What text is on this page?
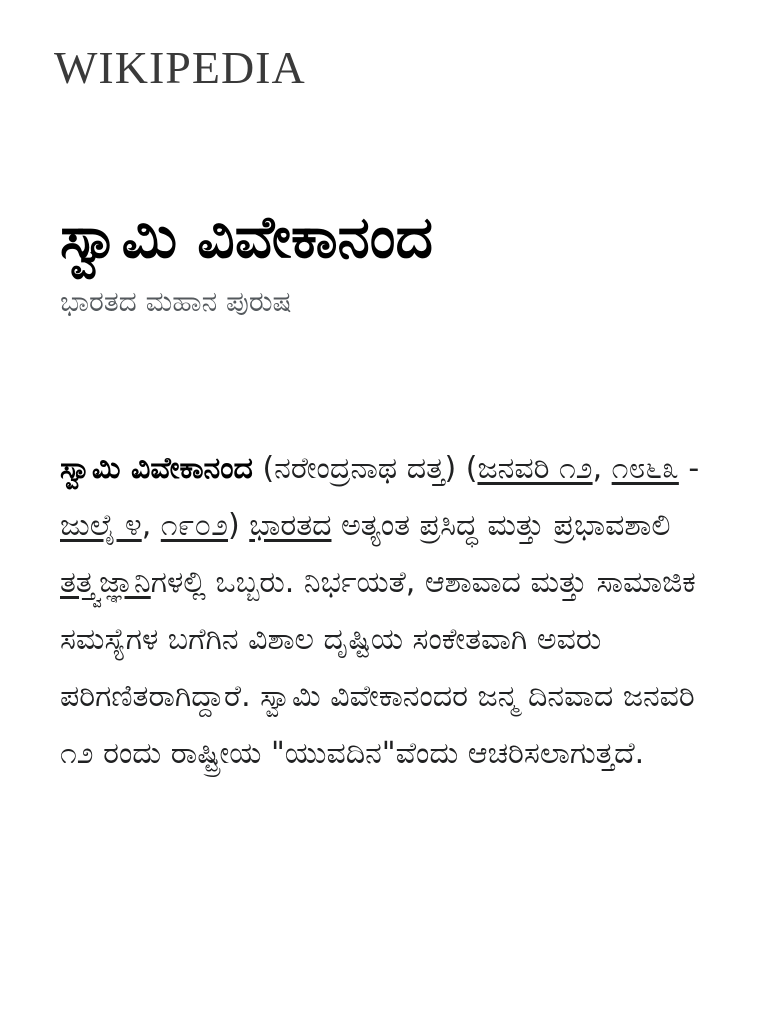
WIKIPEDIA
ಸ್ವಾಮಿ ವಿವೇಕಾನಂದ
ಭಾರತದ ಮಹಾನ ಪುರುಷ

ಸ್ವಾಮಿ ವಿವೇಕಾನಂದ (ನರೇಂದ್ರನಾಥ ದತ್ತ) (ಜನವರಿ ೧೨, ೧೮೬೩ - ಜುಲೈ ೪, ೧೯೦೨) ಭಾರತದ ಅತ್ಯಂತ ಪ್ರಸಿದ್ಧ ಮತ್ತು ಪ್ರಭಾವಶಾಲಿ ತತ್ತ್ವಜ್ಞಾನಿಗಳಲ್ಲಿ ಒಬ್ಬರು. ನಿರ್ಭಯತೆ, ಆಶಾವಾದ ಮತ್ತು ಸಾಮಾಜಿಕ ಸಮಸ್ಯೆಗಳ ಬಗೆಗಿನ ವಿಶಾಲ ದೃಷ್ಟಿಯ ಸಂಕೇತವಾಗಿ ಅವರು ಪರಿಗಣಿತರಾಗಿದ್ದಾರೆ. ಸ್ವಾಮಿ ವಿವೇಕಾನಂದರ ಜನ್ಮ ದಿನವಾದ ಜನವರಿ ೧೨ ರಂದು ರಾಷ್ಟ್ರೀಯ "ಯುವದಿನ"ವೆಂದು ಆಚರಿಸಲಾಗುತ್ತದೆ.
